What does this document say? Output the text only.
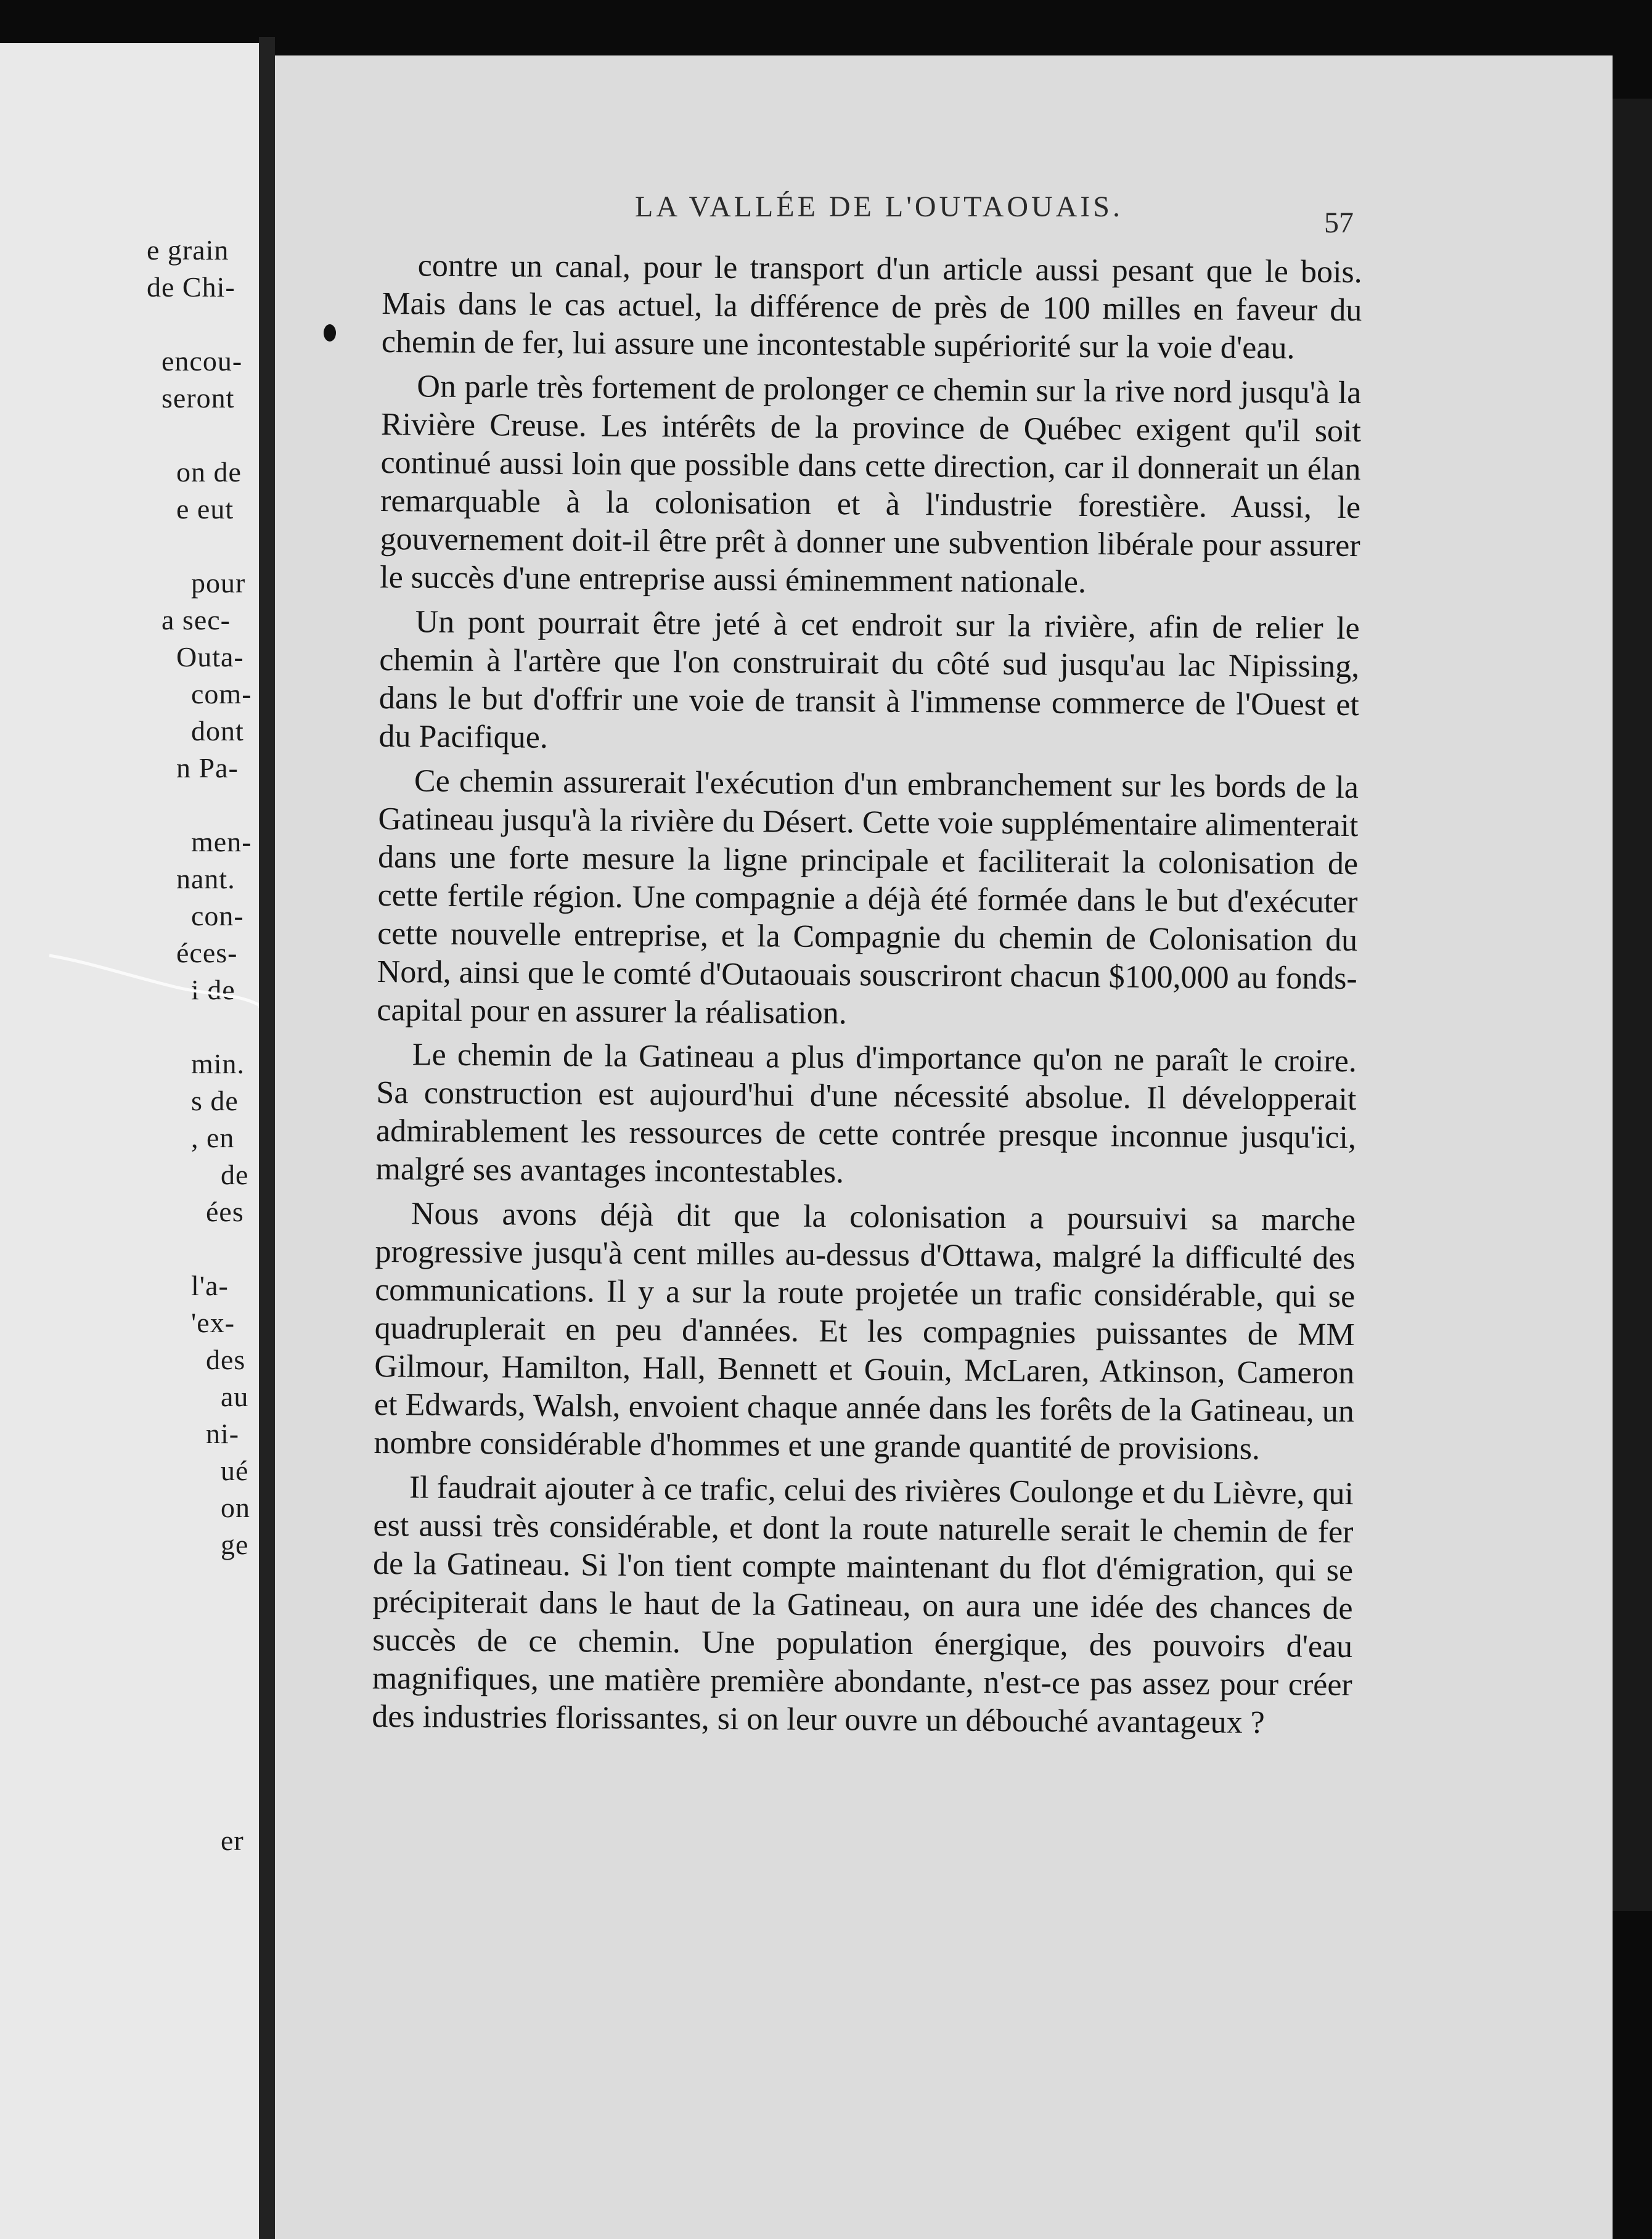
e grain

de Chi-

encou-

seront

on de

e eut

pour

a sec-

Outa-

com-

dont

n Pa-

men-

nant.

con-

éces-

i de

min.

s de

, en

de

ées

l'a-

'ex-

des

au

ni-

ué

on

ge

er

LA VALLÉE DE L'OUTAOUAIS.	57

contre un canal, pour le transport d'un article aussi pesant que le bois. Mais dans le cas actuel, la différence de près de 100 milles en faveur du chemin de fer, lui assure une incontestable supériorité sur la voie d'eau.

On parle très fortement de prolonger ce chemin sur la rive nord jusqu'à la Rivière Creuse. Les intérêts de la province de Québec exigent qu'il soit continué aussi loin que possible dans cette direction, car il donnerait un élan remarquable à la colonisation et à l'industrie forestière. Aussi, le gouvernement doit-il être prêt à donner une subvention libérale pour assurer le succès d'une entreprise aussi éminemment nationale.

Un pont pourrait être jeté à cet endroit sur la rivière, afin de relier le chemin à l'artère que l'on construirait du côté sud jusqu'au lac Nipissing, dans le but d'offrir une voie de transit à l'immense commerce de l'Ouest et du Pacifique.

Ce chemin assurerait l'exécution d'un embranchement sur les bords de la Gatineau jusqu'à la rivière du Désert. Cette voie supplémentaire alimenterait dans une forte mesure la ligne principale et faciliterait la colonisation de cette fertile région. Une compagnie a déjà été formée dans le but d'exécuter cette nouvelle entreprise, et la Compagnie du chemin de Colonisation du Nord, ainsi que le comté d'Outaouais souscriront chacun $100,000 au fonds-capital pour en assurer la réalisation.

Le chemin de la Gatineau a plus d'importance qu'on ne paraît le croire. Sa construction est aujourd'hui d'une nécessité absolue. Il développerait admirablement les ressources de cette contrée presque inconnue jusqu'ici, malgré ses avantages incontestables.

Nous avons déjà dit que la colonisation a poursuivi sa marche progressive jusqu'à cent milles au-dessus d'Ottawa, malgré la difficulté des communications. Il y a sur la route projetée un trafic considérable, qui se quadruplerait en peu d'années. Et les compagnies puissantes de MM Gilmour, Hamilton, Hall, Bennett et Gouin, McLaren, Atkinson, Cameron et Edwards, Walsh, envoient chaque année dans les forêts de la Gatineau, un nombre considérable d'hommes et une grande quantité de provisions.

Il faudrait ajouter à ce trafic, celui des rivières Coulonge et du Lièvre, qui est aussi très considérable, et dont la route naturelle serait le chemin de fer de la Gatineau. Si l'on tient compte maintenant du flot d'émigration, qui se précipiterait dans le haut de la Gatineau, on aura une idée des chances de succès de ce chemin. Une population énergique, des pouvoirs d'eau magnifiques, une matière première abondante, n'est-ce pas assez pour créer des industries florissantes, si on leur ouvre un débouché avantageux ?
